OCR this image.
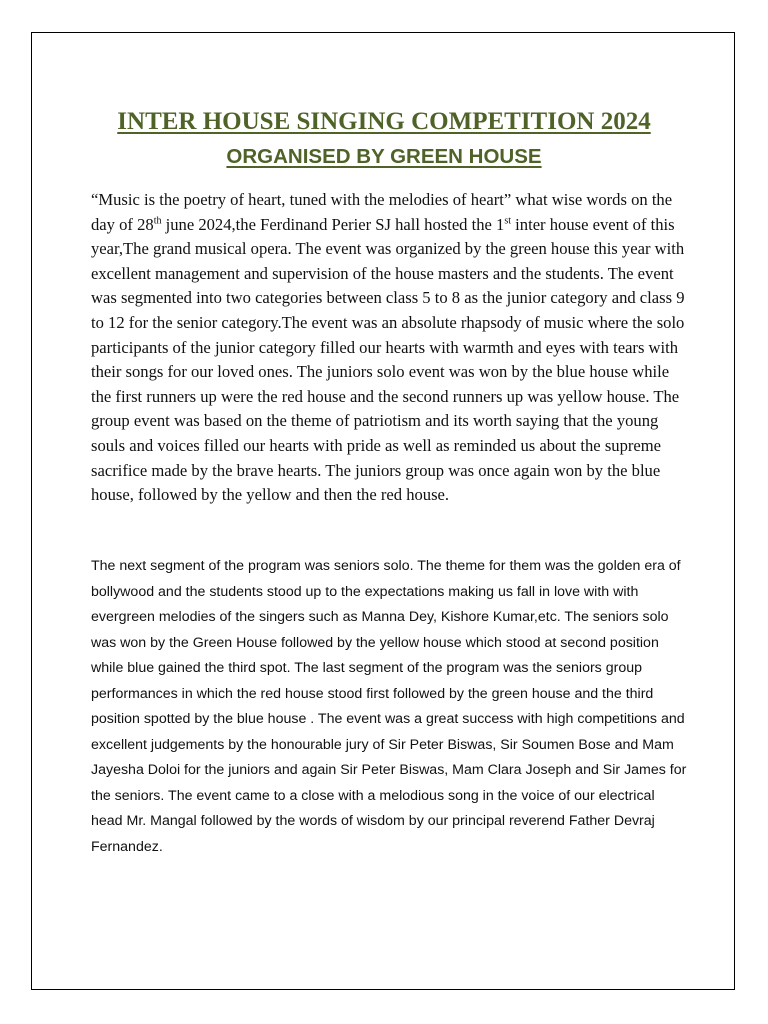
INTER HOUSE SINGING COMPETITION 2024
ORGANISED BY GREEN HOUSE

“Music is the poetry of heart, tuned with the melodies of heart” what wise words on the day of 28th june 2024,the Ferdinand Perier SJ hall hosted the 1st inter house event of this year,The grand musical opera. The event was organized by the green house this year with excellent management and supervision of the house masters and the students. The event was segmented into two categories between class 5 to 8 as the junior category and class 9 to 12 for the senior category.The event was an absolute rhapsody of music where the solo participants of the junior category filled our hearts with warmth and eyes with tears with their songs for our loved ones. The juniors solo event was won by the blue house while the first runners up were the red house and the second runners up was yellow house. The group event was based on the theme of patriotism and its worth saying that the young souls and voices filled our hearts with pride as well as reminded us about the supreme sacrifice made by the brave hearts. The juniors group was once again won by the blue house, followed by the yellow and then the red house.

The next segment of the program was seniors solo. The theme for them was the golden era of bollywood and the students stood up to the expectations making us fall in love with with evergreen melodies of the singers such as Manna Dey, Kishore Kumar,etc. The seniors solo was won by the Green House followed by the yellow house which stood at second position while blue gained the third spot. The last segment of the program was the seniors group performances in which the red house stood first followed by the green house and the third position spotted by the blue house . The event was a great success with high competitions and excellent judgements by the honourable jury of Sir Peter Biswas, Sir Soumen Bose and Mam Jayesha Doloi for the juniors and again Sir Peter Biswas, Mam Clara Joseph and Sir James for the seniors. The event came to a close with a melodious song in the voice of our electrical head Mr. Mangal followed by the words of wisdom by our principal reverend Father Devraj Fernandez.
